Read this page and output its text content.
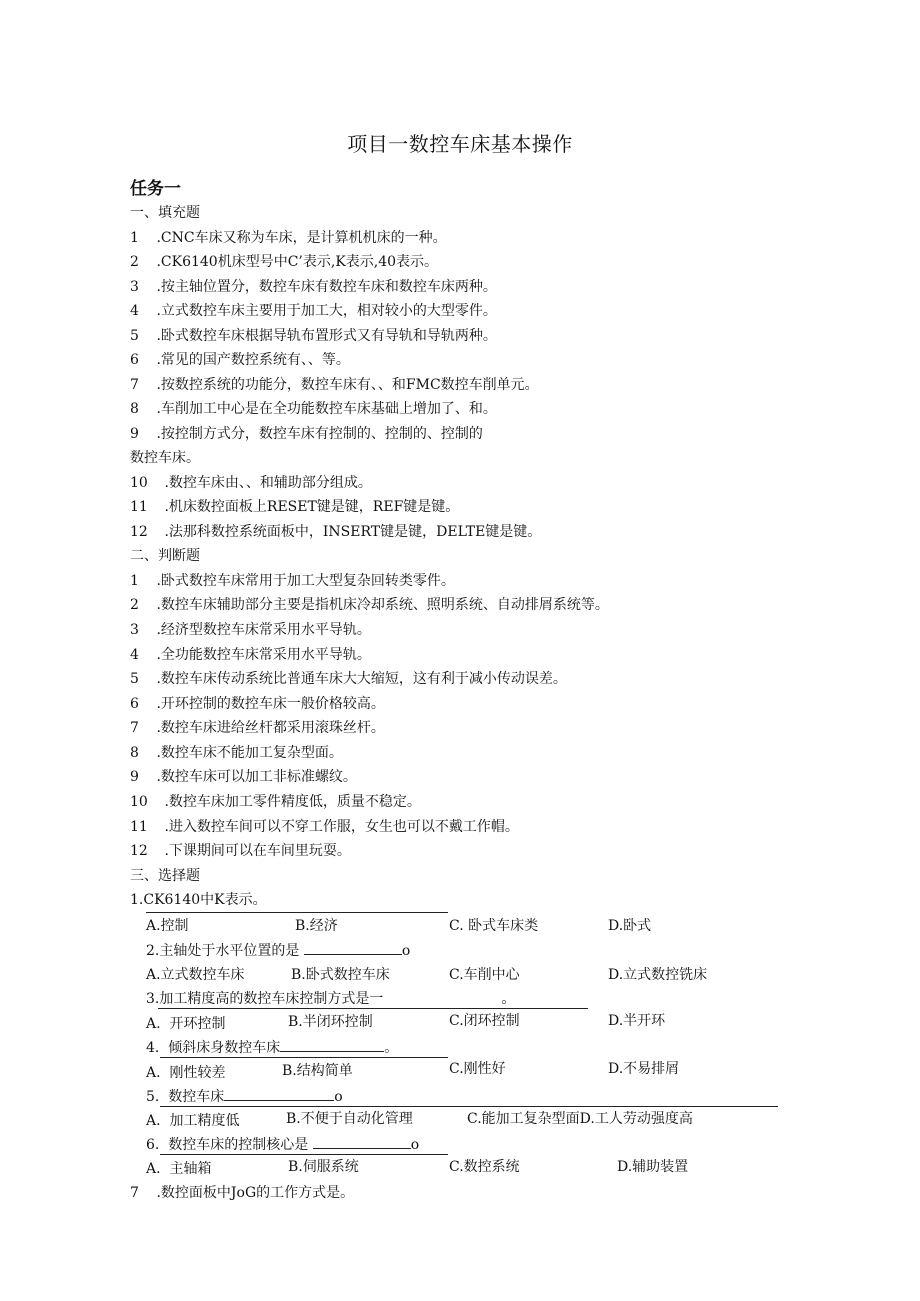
项目一数控车床基本操作
任务一
一、填充题
1 .CNC车床又称为车床，是计算机机床的一种。
2 .CK6140机床型号中C’表示,K表示,40表示。
3 .按主轴位置分，数控车床有数控车床和数控车床两种。
4 .立式数控车床主要用于加工大，相对较小的大型零件。
5 .卧式数控车床根据导轨布置形式又有导轨和导轨两种。
6 .常见的国产数控系统有、、等。
7 .按数控系统的功能分，数控车床有、、和FMC数控车削单元。
8 .车削加工中心是在全功能数控车床基础上增加了、和。
9 .按控制方式分，数控车床有控制的、控制的、控制的
数控车床。
10 .数控车床由、、和辅助部分组成。
11 .机床数控面板上RESET键是键，REF键是键。
12 .法那科数控系统面板中，INSERT键是键，DELTE键是键。
二、判断题
1 .卧式数控车床常用于加工大型复杂回转类零件。
2 .数控车床辅助部分主要是指机床冷却系统、照明系统、自动排屑系统等。
3 .经济型数控车床常采用水平导轨。
4 .全功能数控车床常采用水平导轨。
5 .数控车床传动系统比普通车床大大缩短，这有利于减小传动误差。
6 .开环控制的数控车床一般价格较高。
7 .数控车床进给丝杆都采用滚珠丝杆。
8 .数控车床不能加工复杂型面。
9 .数控车床可以加工非标准螺纹。
10 .数控车床加工零件精度低，质量不稳定。
11 .进入数控车间可以不穿工作服，女生也可以不戴工作帽。
12 .下课期间可以在车间里玩耍。
三、选择题
1.CK6140中K表示。
A.控制	B.经济	C. 卧式车床类	D.卧式
2.主轴处于水平位置的是	o
A.立式数控车床	B.卧式数控车床	C.车削中心	D.立式数控铣床
3.加工精度高的数控车床控制方式是一	。
A. 开环控制	B.半闭环控制	C.闭环控制	D.半开环
4. 倾斜床身数控车床	。
A. 刚性较差	B.结构简单	C.刚性好	D.不易排屑
5. 数控车床	o
A. 加工精度低	B.不便于自动化管理	C.能加工复杂型面D.工人劳动强度高
6. 数控车床的控制核心是	o
A. 主轴箱	B.伺服系统	C.数控系统	D.辅助装置
7 .数控面板中JoG的工作方式是。
